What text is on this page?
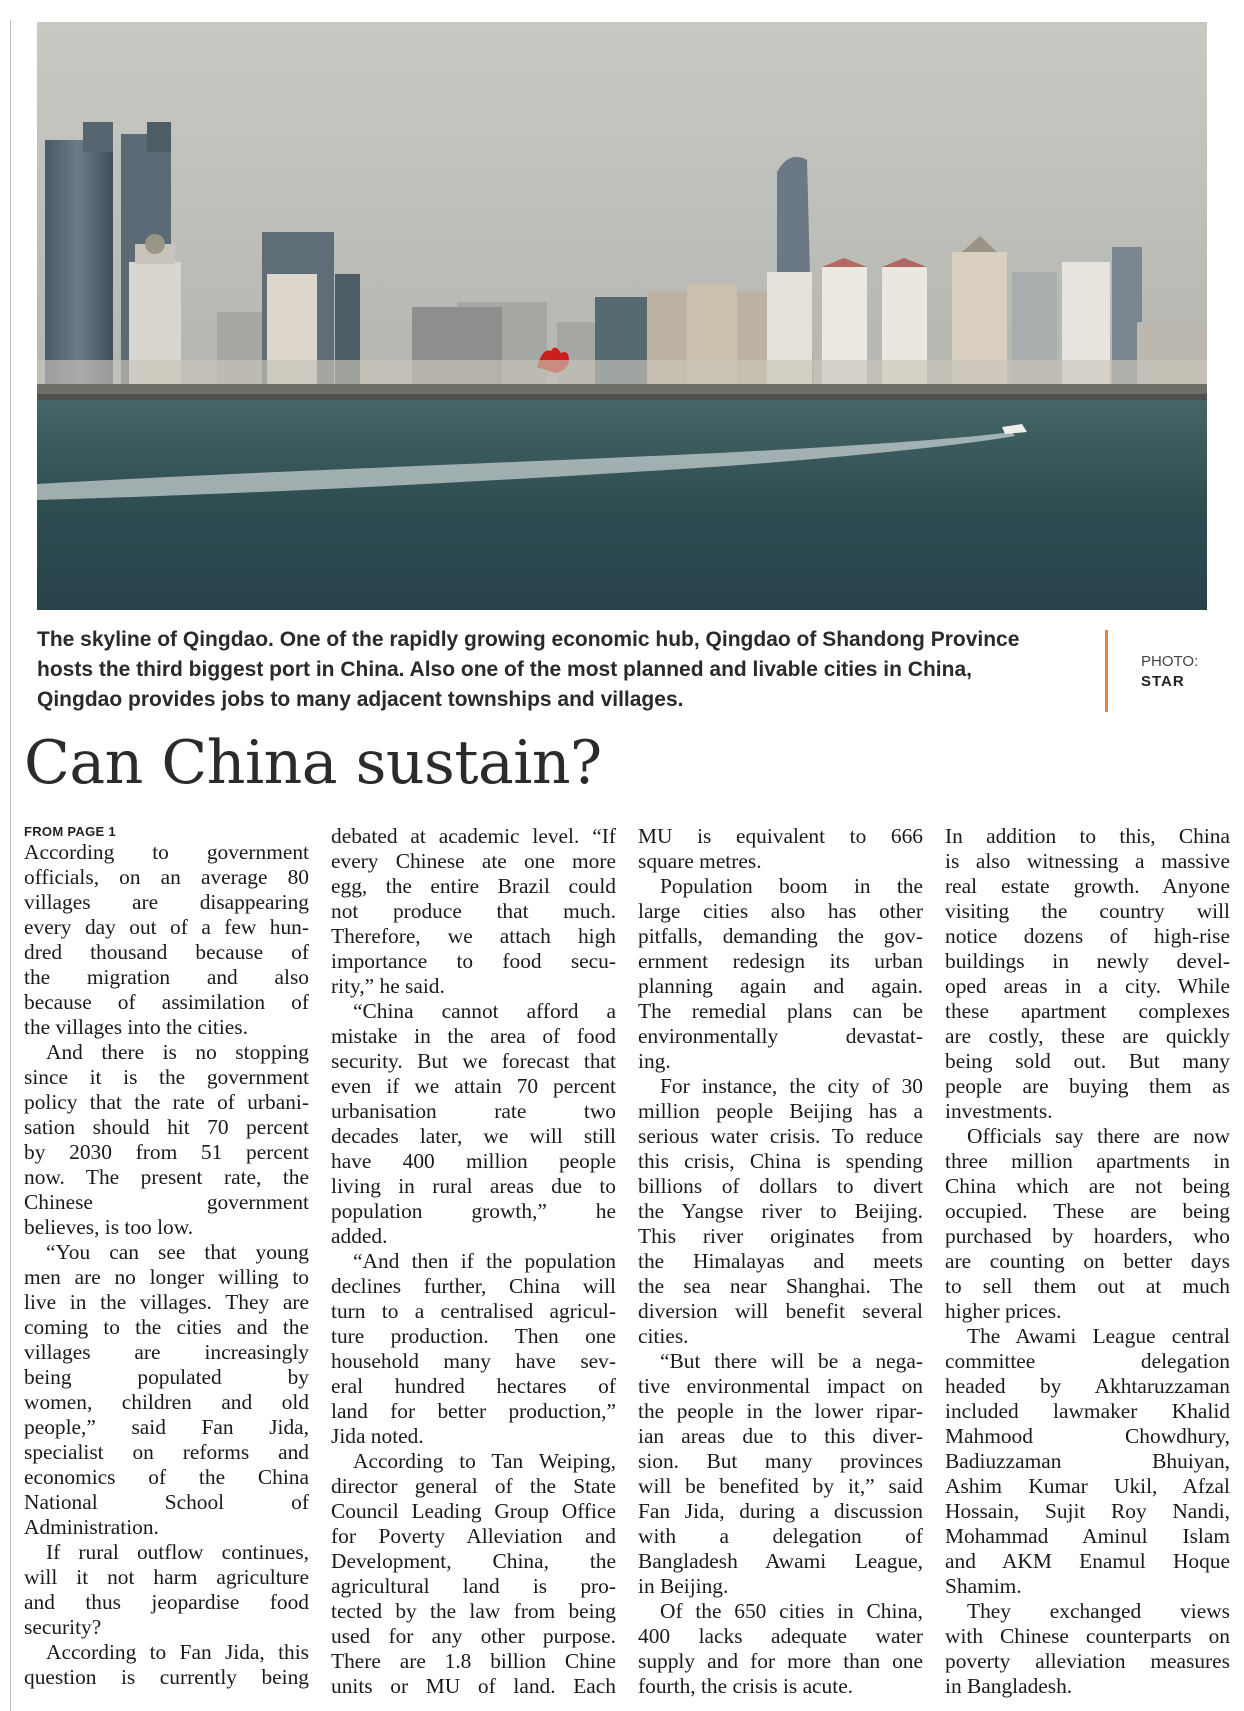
The skyline of Qingdao. One of the rapidly growing economic hub, Qingdao of Shandong Province

hosts the third biggest port in China. Also one of the most planned and livable cities in China,

Qingdao provides jobs to many adjacent townships and villages.

PHOTO:
STAR
Can China sustain?
FROM PAGE 1
According to government
officials, on an average 80
villages are disappearing
every day out of a few hun-
dred thousand because of
the migration and also
because of assimilation of
the villages into the cities.
And there is no stopping
since it is the government
policy that the rate of urbani-
sation should hit 70 percent
by 2030 from 51 percent
now. The present rate, the
Chinese government
believes, is too low.
“You can see that young
men are no longer willing to
live in the villages. They are
coming to the cities and the
villages are increasingly
being populated by
women, children and old
people,” said Fan Jida,
specialist on reforms and
economics of the China
National School of
Administration.
If rural outflow continues,
will it not harm agriculture
and thus jeopardise food
security?
According to Fan Jida, this
question is currently being
debated at academic level. “If
every Chinese ate one more
egg, the entire Brazil could
not produce that much.
Therefore, we attach high
importance to food secu-
rity,” he said.
“China cannot afford a
mistake in the area of food
security. But we forecast that
even if we attain 70 percent
urbanisation rate two
decades later, we will still
have 400 million people
living in rural areas due to
population growth,” he
added.
“And then if the population
declines further, China will
turn to a centralised agricul-
ture production. Then one
household many have sev-
eral hundred hectares of
land for better production,”
Jida noted.
According to Tan Weiping,
director general of the State
Council Leading Group Office
for Poverty Alleviation and
Development, China, the
agricultural land is pro-
tected by the law from being
used for any other purpose.
There are 1.8 billion Chine
units or MU of land. Each
MU is equivalent to 666
square metres.
Population boom in the
large cities also has other
pitfalls, demanding the gov-
ernment redesign its urban
planning again and again.
The remedial plans can be
environmentally devastat-
ing.
For instance, the city of 30
million people Beijing has a
serious water crisis. To reduce
this crisis, China is spending
billions of dollars to divert
the Yangse river to Beijing.
This river originates from
the Himalayas and meets
the sea near Shanghai. The
diversion will benefit several
cities.
“But there will be a nega-
tive environmental impact on
the people in the lower ripar-
ian areas due to this diver-
sion. But many provinces
will be benefited by it,” said
Fan Jida, during a discussion
with a delegation of
Bangladesh Awami League,
in Beijing.
Of the 650 cities in China,
400 lacks adequate water
supply and for more than one
fourth, the crisis is acute.
In addition to this, China
is also witnessing a massive
real estate growth. Anyone
visiting the country will
notice dozens of high-rise
buildings in newly devel-
oped areas in a city. While
these apartment complexes
are costly, these are quickly
being sold out. But many
people are buying them as
investments.
Officials say there are now
three million apartments in
China which are not being
occupied. These are being
purchased by hoarders, who
are counting on better days
to sell them out at much
higher prices.
The Awami League central
committee delegation
headed by Akhtaruzzaman
included lawmaker Khalid
Mahmood Chowdhury,
Badiuzzaman Bhuiyan,
Ashim Kumar Ukil, Afzal
Hossain, Sujit Roy Nandi,
Mohammad Aminul Islam
and AKM Enamul Hoque
Shamim.
They exchanged views
with Chinese counterparts on
poverty alleviation measures
in Bangladesh.
